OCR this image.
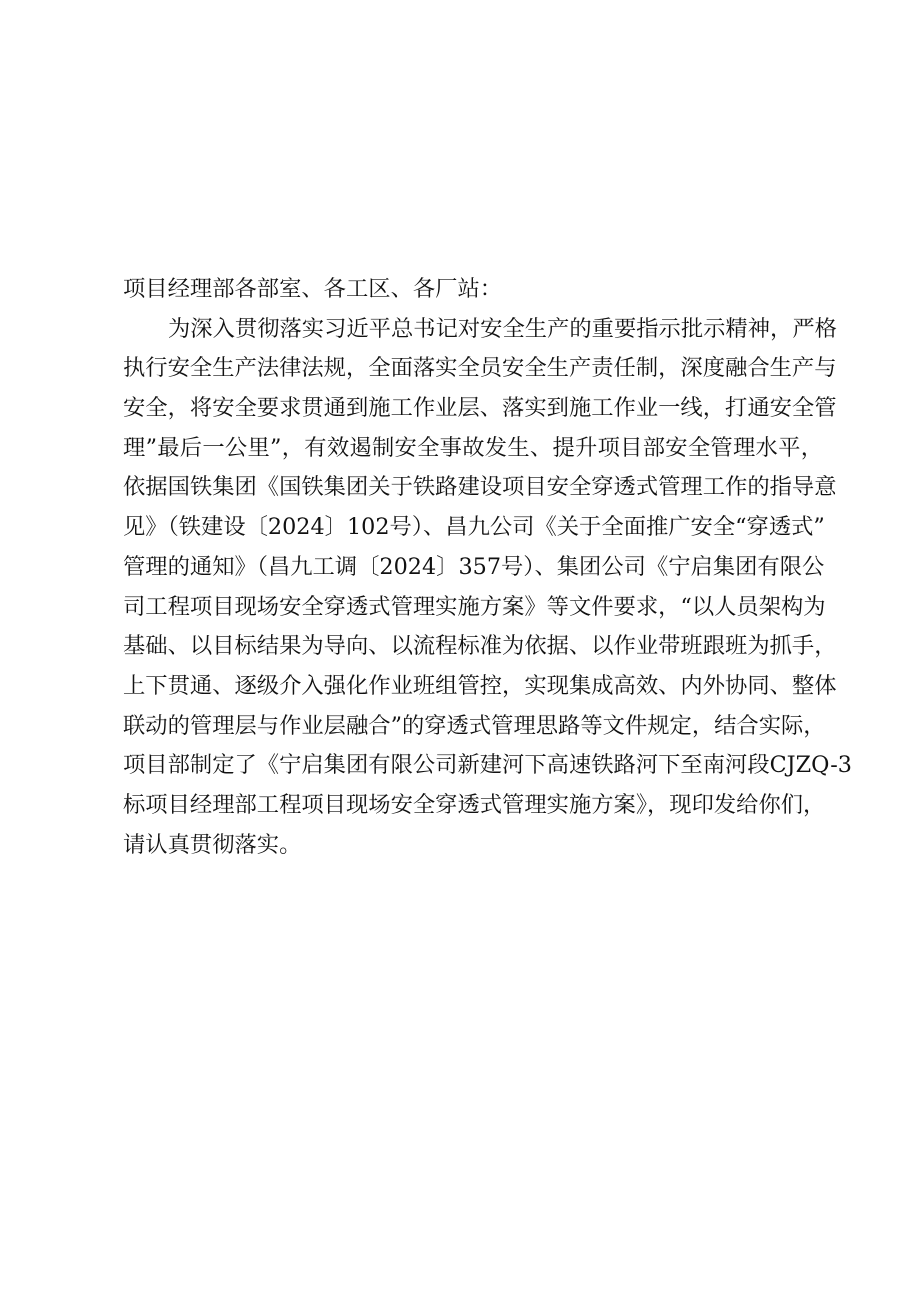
项目经理部各部室、各工区、各厂站：
为深入贯彻落实习近平总书记对安全生产的重要指示批示精神，严格
执行安全生产法律法规，全面落实全员安全生产责任制，深度融合生产与
安全，将安全要求贯通到施工作业层、落实到施工作业一线，打通安全管
理”最后一公里”，有效遏制安全事故发生、提升项目部安全管理水平，
依据国铁集团《国铁集团关于铁路建设项目安全穿透式管理工作的指导意
见》（铁建设〔2024〕102号）、昌九公司《关于全面推广安全“穿透式”
管理的通知》（昌九工调〔2024〕357号）、集团公司《宁启集团有限公
司工程项目现场安全穿透式管理实施方案》等文件要求，“以人员架构为
基础、以目标结果为导向、以流程标准为依据、以作业带班跟班为抓手，
上下贯通、逐级介入强化作业班组管控，实现集成高效、内外协同、整体
联动的管理层与作业层融合”的穿透式管理思路等文件规定，结合实际，
项目部制定了《宁启集团有限公司新建河下高速铁路河下至南河段CJZQ-3
标项目经理部工程项目现场安全穿透式管理实施方案》，现印发给你们，
请认真贯彻落实。
